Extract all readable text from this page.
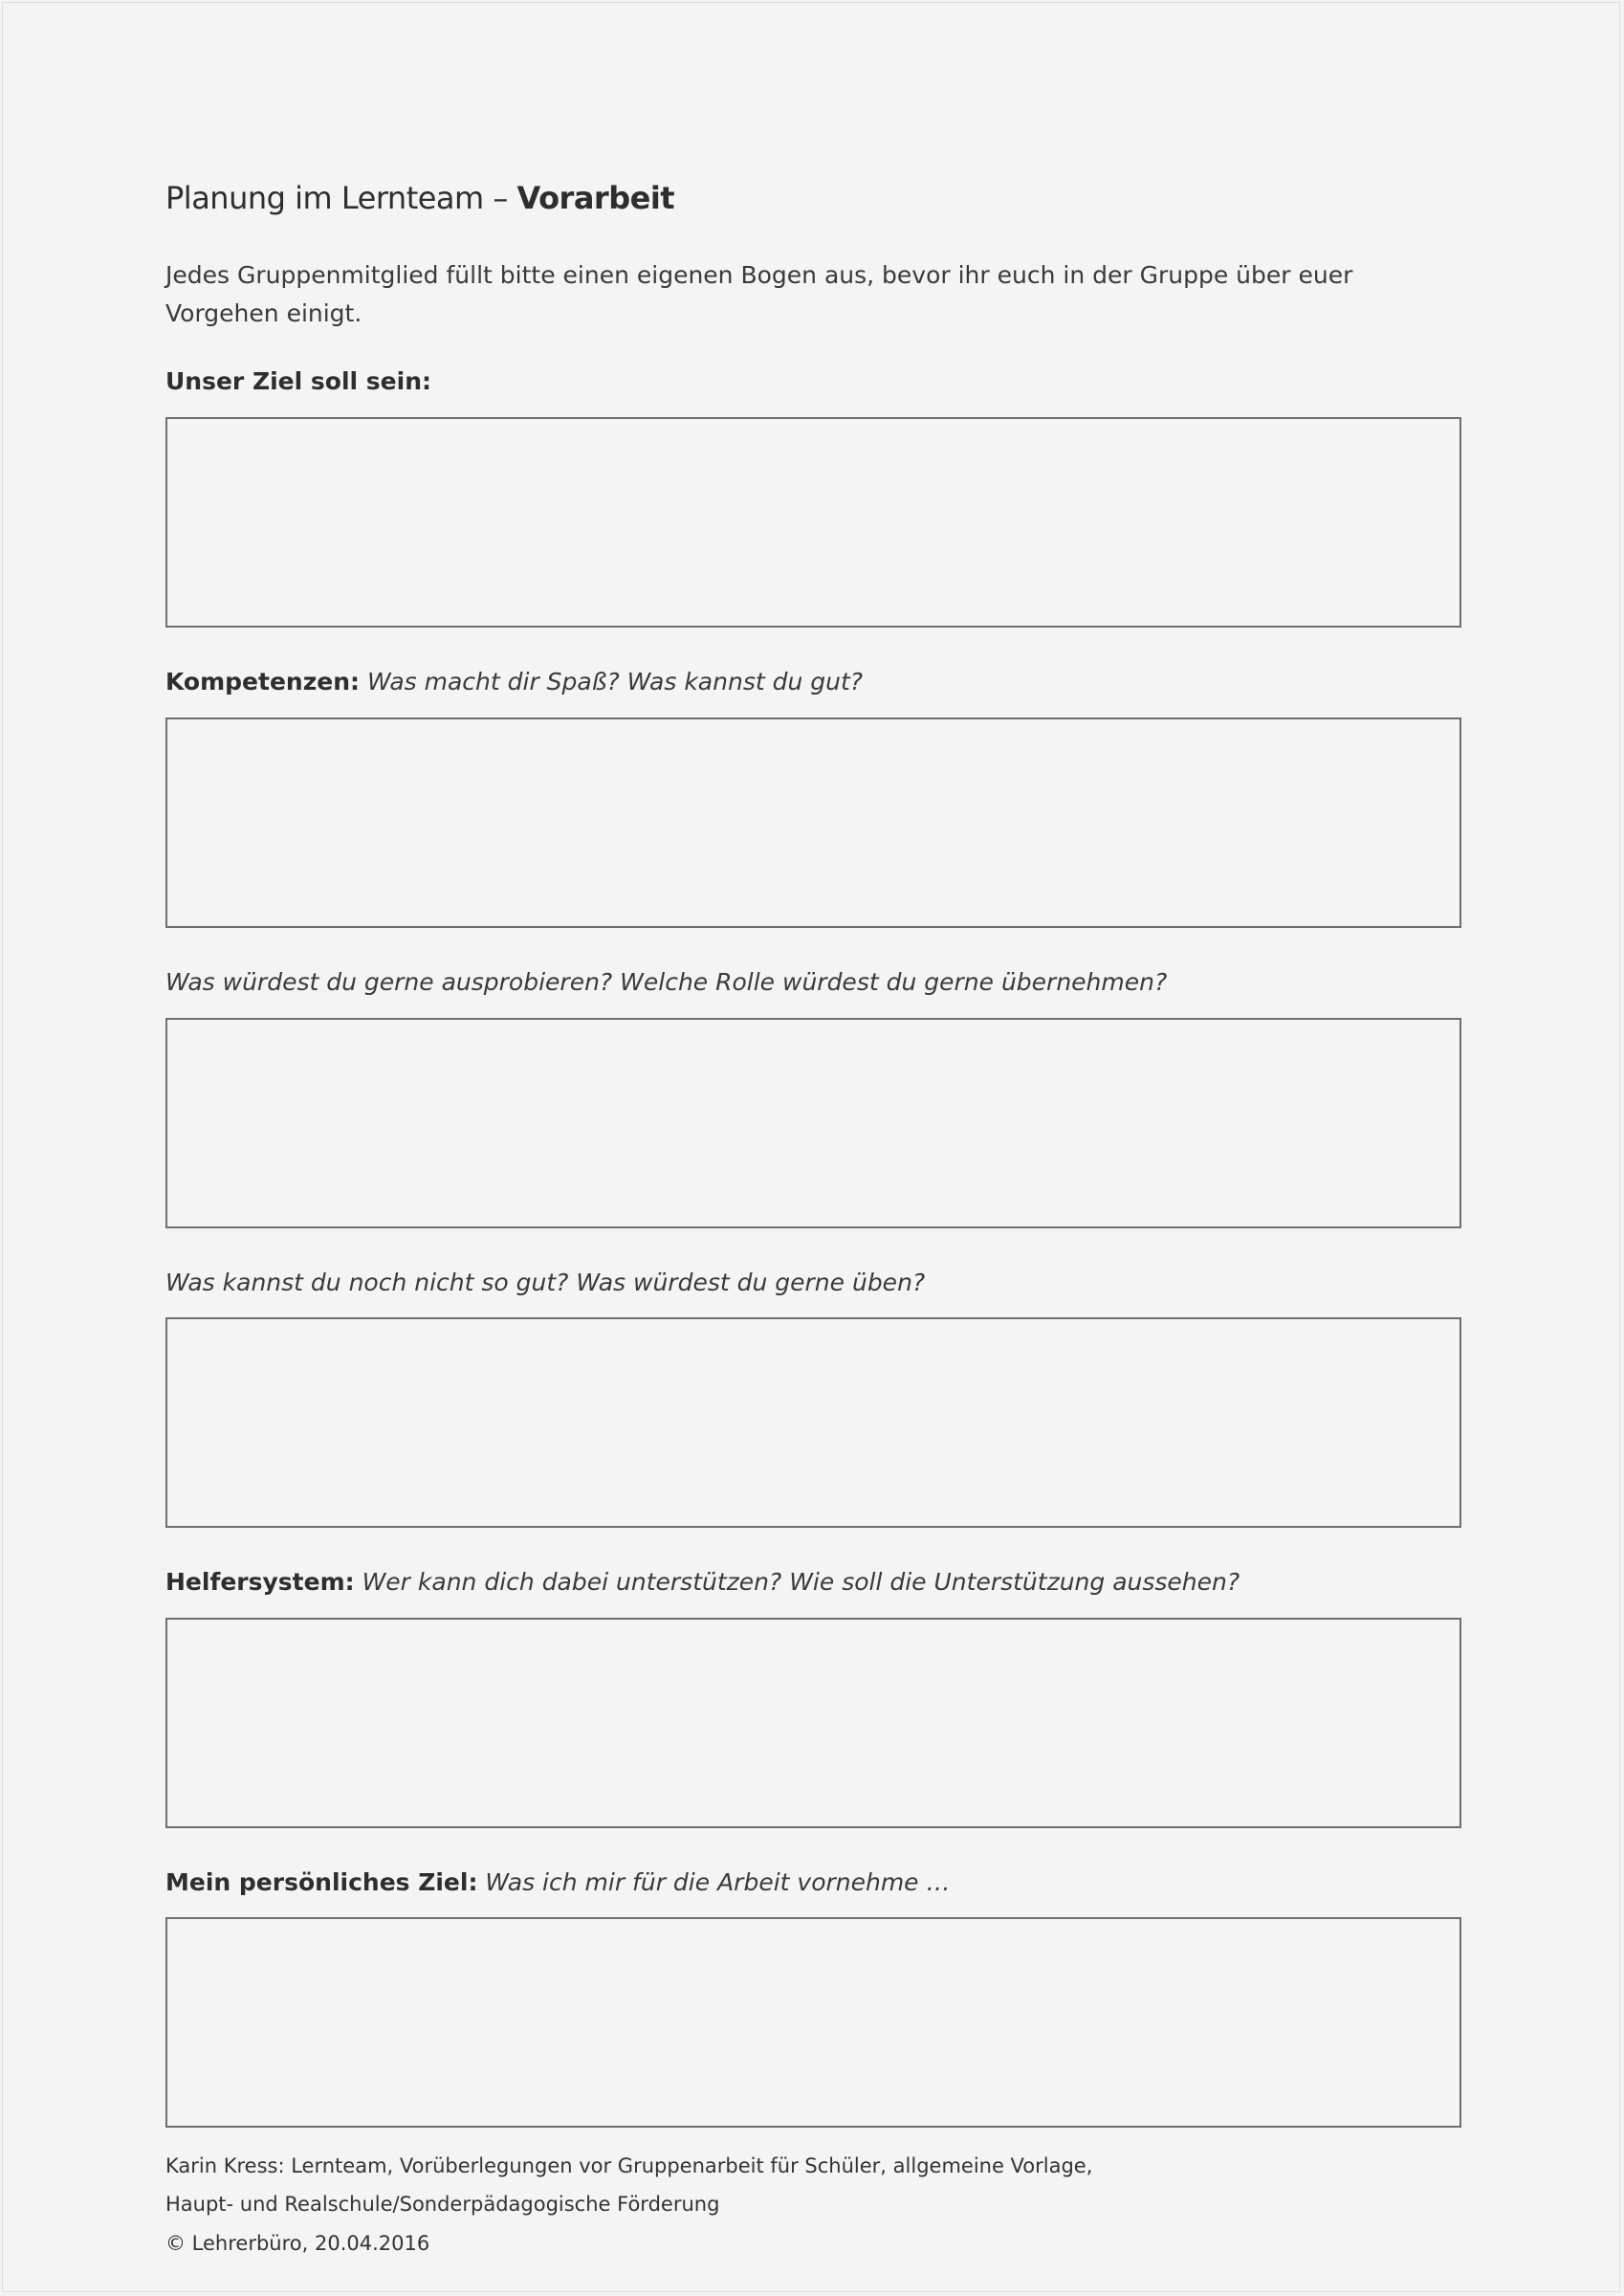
Planung im Lernteam – Vorarbeit
Jedes Gruppenmitglied füllt bitte einen eigenen Bogen aus, bevor ihr euch in der Gruppe über euer Vorgehen einigt.
Unser Ziel soll sein:
Kompetenzen: Was macht dir Spaß? Was kannst du gut?
Was würdest du gerne ausprobieren? Welche Rolle würdest du gerne übernehmen?
Was kannst du noch nicht so gut? Was würdest du gerne üben?
Helfersystem: Wer kann dich dabei unterstützen? Wie soll die Unterstützung aussehen?
Mein persönliches Ziel: Was ich mir für die Arbeit vornehme …
Karin Kress: Lernteam, Vorüberlegungen vor Gruppenarbeit für Schüler, allgemeine Vorlage,
Haupt- und Realschule/Sonderpädagogische Förderung
© Lehrerbüro, 20.04.2016
